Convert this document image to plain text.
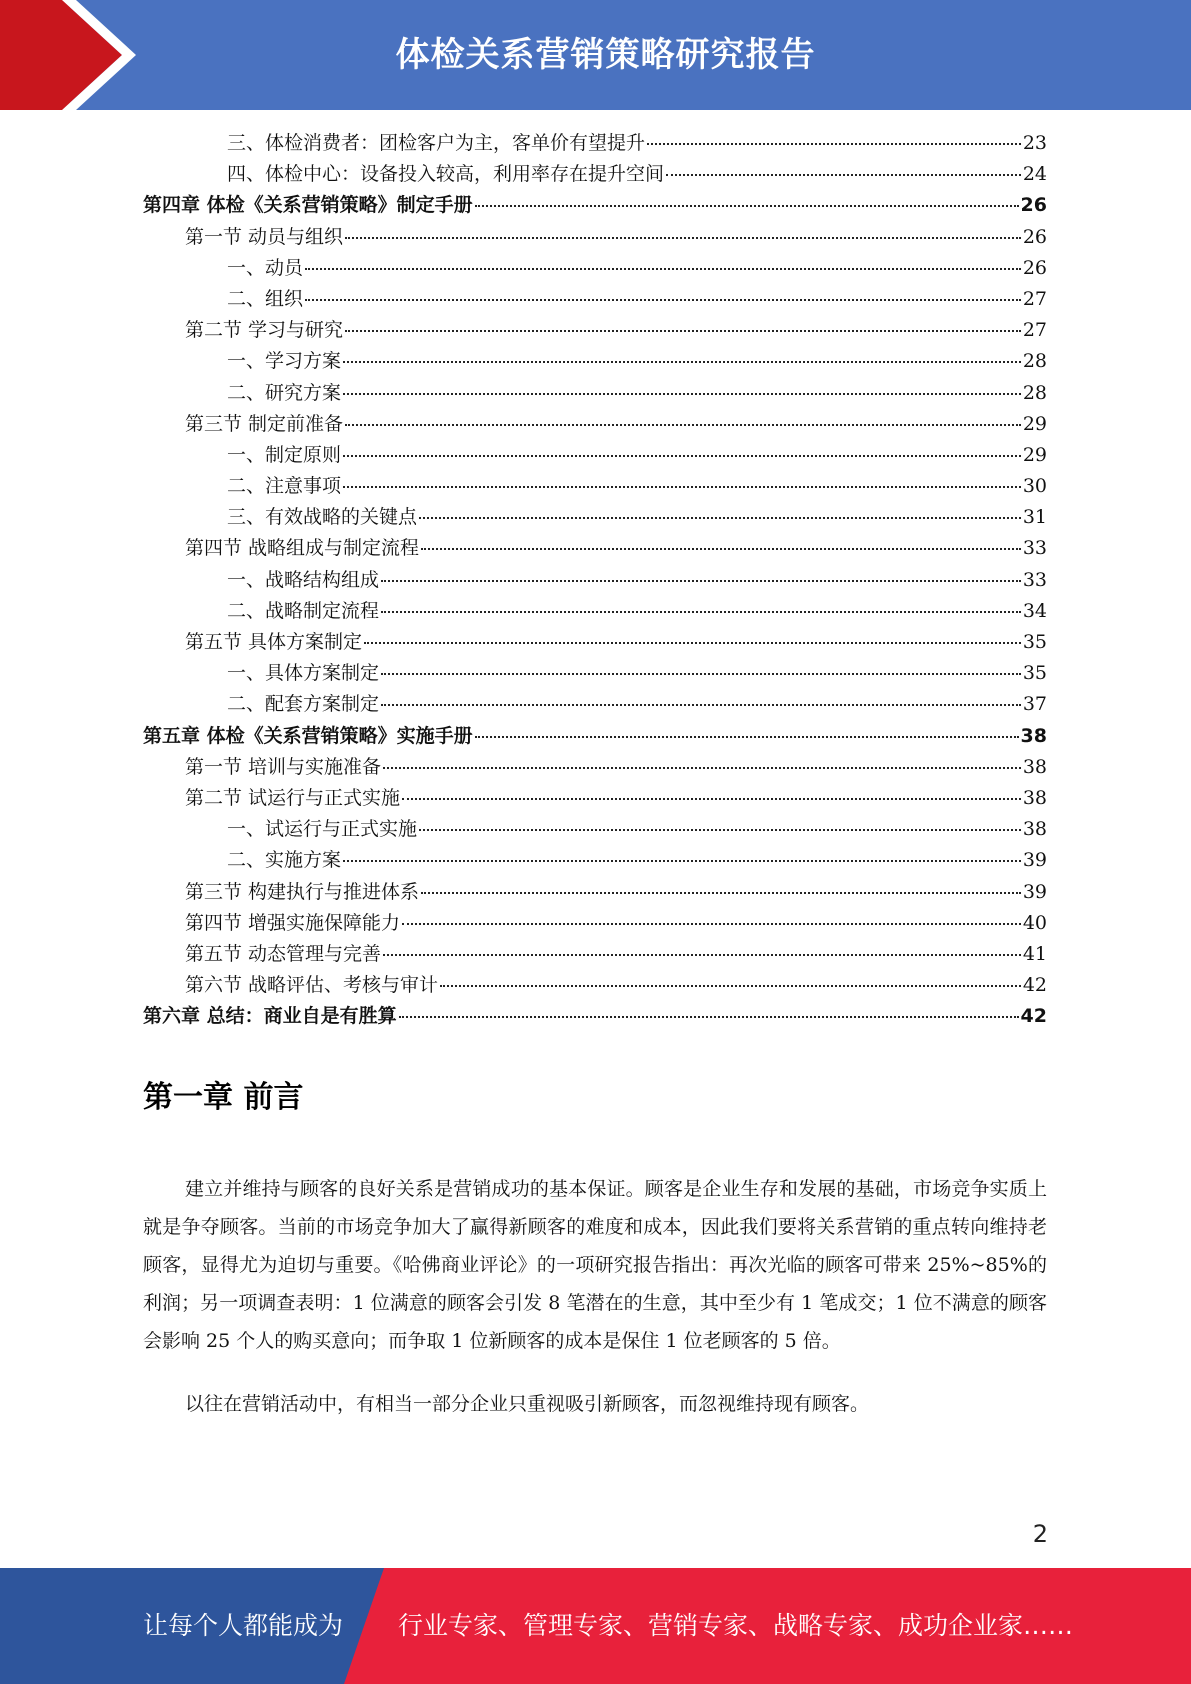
体检关系营销策略研究报告
三、体检消费者：团检客户为主，客单价有望提升	23
四、体检中心：设备投入较高，利用率存在提升空间	24
第四章 体检《关系营销策略》制定手册	26
第一节 动员与组织	26
一、动员	26
二、组织	27
第二节 学习与研究	27
一、学习方案	28
二、研究方案	28
第三节 制定前准备	29
一、制定原则	29
二、注意事项	30
三、有效战略的关键点	31
第四节 战略组成与制定流程	33
一、战略结构组成	33
二、战略制定流程	34
第五节 具体方案制定	35
一、具体方案制定	35
二、配套方案制定	37
第五章 体检《关系营销策略》实施手册	38
第一节 培训与实施准备	38
第二节 试运行与正式实施	38
一、试运行与正式实施	38
二、实施方案	39
第三节 构建执行与推进体系	39
第四节 增强实施保障能力	40
第五节 动态管理与完善	41
第六节 战略评估、考核与审计	42
第六章 总结：商业自是有胜算	42
第一章 前言

建立并维持与顾客的良好关系是营销成功的基本保证。顾客是企业生存和发展的基础，市场竞争实质上就是争夺顾客。当前的市场竞争加大了赢得新顾客的难度和成本，因此我们要将关系营销的重点转向维持老顾客，显得尤为迫切与重要。《哈佛商业评论》的一项研究报告指出：再次光临的顾客可带来 25%~85%的利润；另一项调查表明：1 位满意的顾客会引发 8 笔潜在的生意，其中至少有 1 笔成交；1 位不满意的顾客会影响 25 个人的购买意向；而争取 1 位新顾客的成本是保住 1 位老顾客的 5 倍。

以往在营销活动中，有相当一部分企业只重视吸引新顾客，而忽视维持现有顾客。

2
让每个人都能成为 行业专家、管理专家、营销专家、战略专家、成功企业家……
